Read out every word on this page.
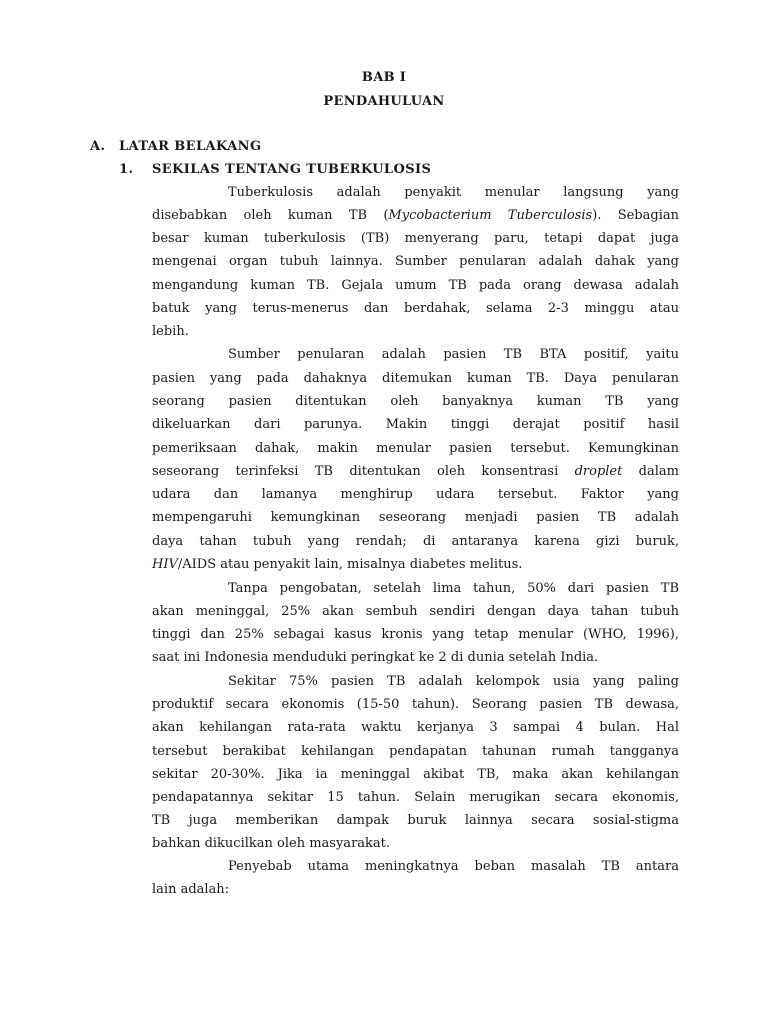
BAB I
PENDAHULUAN
A. LATAR BELAKANG
1. SEKILAS TENTANG TUBERKULOSIS
Tuberkulosis adalah penyakit menular langsung yang
disebabkan oleh kuman TB (Mycobacterium Tuberculosis). Sebagian
besar kuman tuberkulosis (TB) menyerang paru, tetapi dapat juga
mengenai organ tubuh lainnya. Sumber penularan adalah dahak yang
mengandung kuman TB. Gejala umum TB pada orang dewasa adalah
batuk yang terus-menerus dan berdahak, selama 2-3 minggu atau
lebih.
Sumber penularan adalah pasien TB BTA positif, yaitu
pasien yang pada dahaknya ditemukan kuman TB. Daya penularan
seorang pasien ditentukan oleh banyaknya kuman TB yang
dikeluarkan dari parunya. Makin tinggi derajat positif hasil
pemeriksaan dahak, makin menular pasien tersebut. Kemungkinan
seseorang terinfeksi TB ditentukan oleh konsentrasi droplet dalam
udara dan lamanya menghirup udara tersebut. Faktor yang
mempengaruhi kemungkinan seseorang menjadi pasien TB adalah
daya tahan tubuh yang rendah; di antaranya karena gizi buruk,
HIV/AIDS atau penyakit lain, misalnya diabetes melitus.
Tanpa pengobatan, setelah lima tahun, 50% dari pasien TB
akan meninggal, 25% akan sembuh sendiri dengan daya tahan tubuh
tinggi dan 25% sebagai kasus kronis yang tetap menular (WHO, 1996),
saat ini Indonesia menduduki peringkat ke 2 di dunia setelah India.
Sekitar 75% pasien TB adalah kelompok usia yang paling
produktif secara ekonomis (15-50 tahun). Seorang pasien TB dewasa,
akan kehilangan rata-rata waktu kerjanya 3 sampai 4 bulan. Hal
tersebut berakibat kehilangan pendapatan tahunan rumah tangganya
sekitar 20-30%. Jika ia meninggal akibat TB, maka akan kehilangan
pendapatannya sekitar 15 tahun. Selain merugikan secara ekonomis,
TB juga memberikan dampak buruk lainnya secara sosial-stigma
bahkan dikucilkan oleh masyarakat.
Penyebab utama meningkatnya beban masalah TB antara
lain adalah:
